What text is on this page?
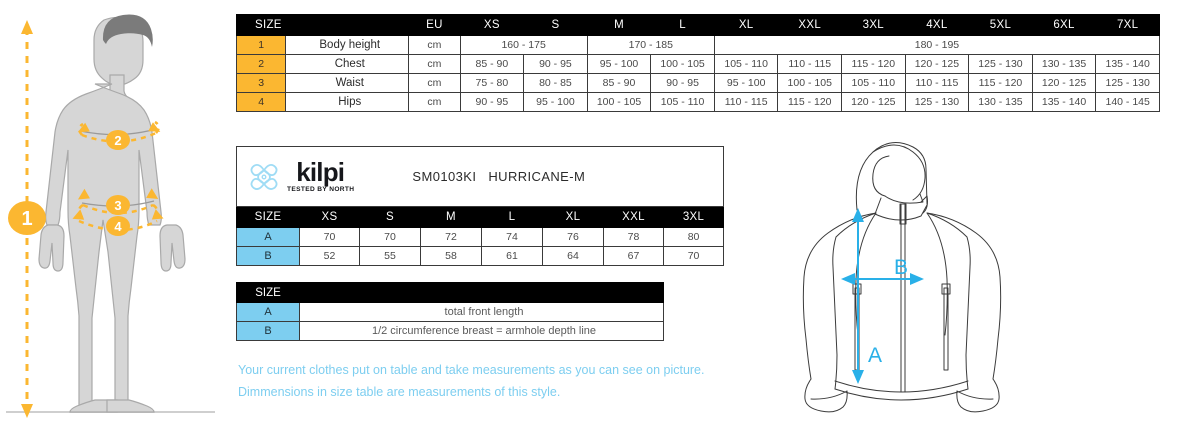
1
2
3
4
SIZE		EU	XS	S	M	L	XL	XXL	3XL	4XL	5XL	6XL	7XL
1	Body height	cm	160 - 175		170 - 185		180 - 195						
2	Chest	cm	85 - 90	90 - 95	95 - 100	100 - 105	105 - 110	110 - 115	115 - 120	120 - 125	125 - 130	130 - 135	135 - 140
3	Waist	cm	75 - 80	80 - 85	85 - 90	90 - 95	95 - 100	100 - 105	105 - 110	110 - 115	115 - 120	120 - 125	125 - 130
4	Hips	cm	90 - 95	95 - 100	100 - 105	105 - 110	110 - 115	115 - 120	120 - 125	125 - 130	130 - 135	135 - 140	140 - 145
kilpi
TESTED BY NORTH
SM0103KI HURRICANE-M							

SIZE	XS	S	M	L	XL	XXL	3XL
A	70	70	72	74	76	78	80
B	52	55	58	61	64	67	70
SIZE	
A	total front length
B	1/2 circumference breast = armhole depth line
Your current clothes put on table and take measurements as you can see on picture.
Dimmensions in size table are measurements of this style.
A
B
